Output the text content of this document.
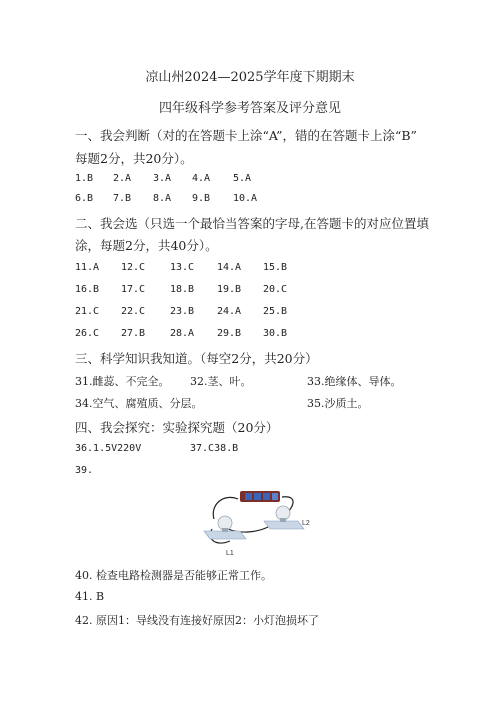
凉山州2024—2025学年度下期期末
四年级科学参考答案及评分意见
一、我会判断（对的在答题卡上涂“A”，错的在答题卡上涂“B”
每题2分，共20分）。
1.B 2.A 3.A 4.A 5.A
6.B 7.B 8.A 9.B 10.A
二、我会选（只选一个最恰当答案的字母,在答题卡的对应位置填
涂，每题2分，共40分）。
11.A 12.C 13.C 14.A 15.B
16.B 17.C 18.B 19.B 20.C
21.C 22.C 23.B 24.A 25.B
26.C 27.B 28.A 29.B 30.B
三、科学知识我知道。（每空2分，共20分）
31.雌蕊、不完全。 32.茎、叶。	33.绝缘体、导体。
34.空气、腐殖质、分层。	35.沙质土。
四、我会探究：实验探究题（20分）
36.1.5V220V	37.C38.B
39.
L2
L1
40. 检查电路检测器是否能够正常工作。
41. B
42. 原因1：导线没有连接好原因2：小灯泡损坏了
